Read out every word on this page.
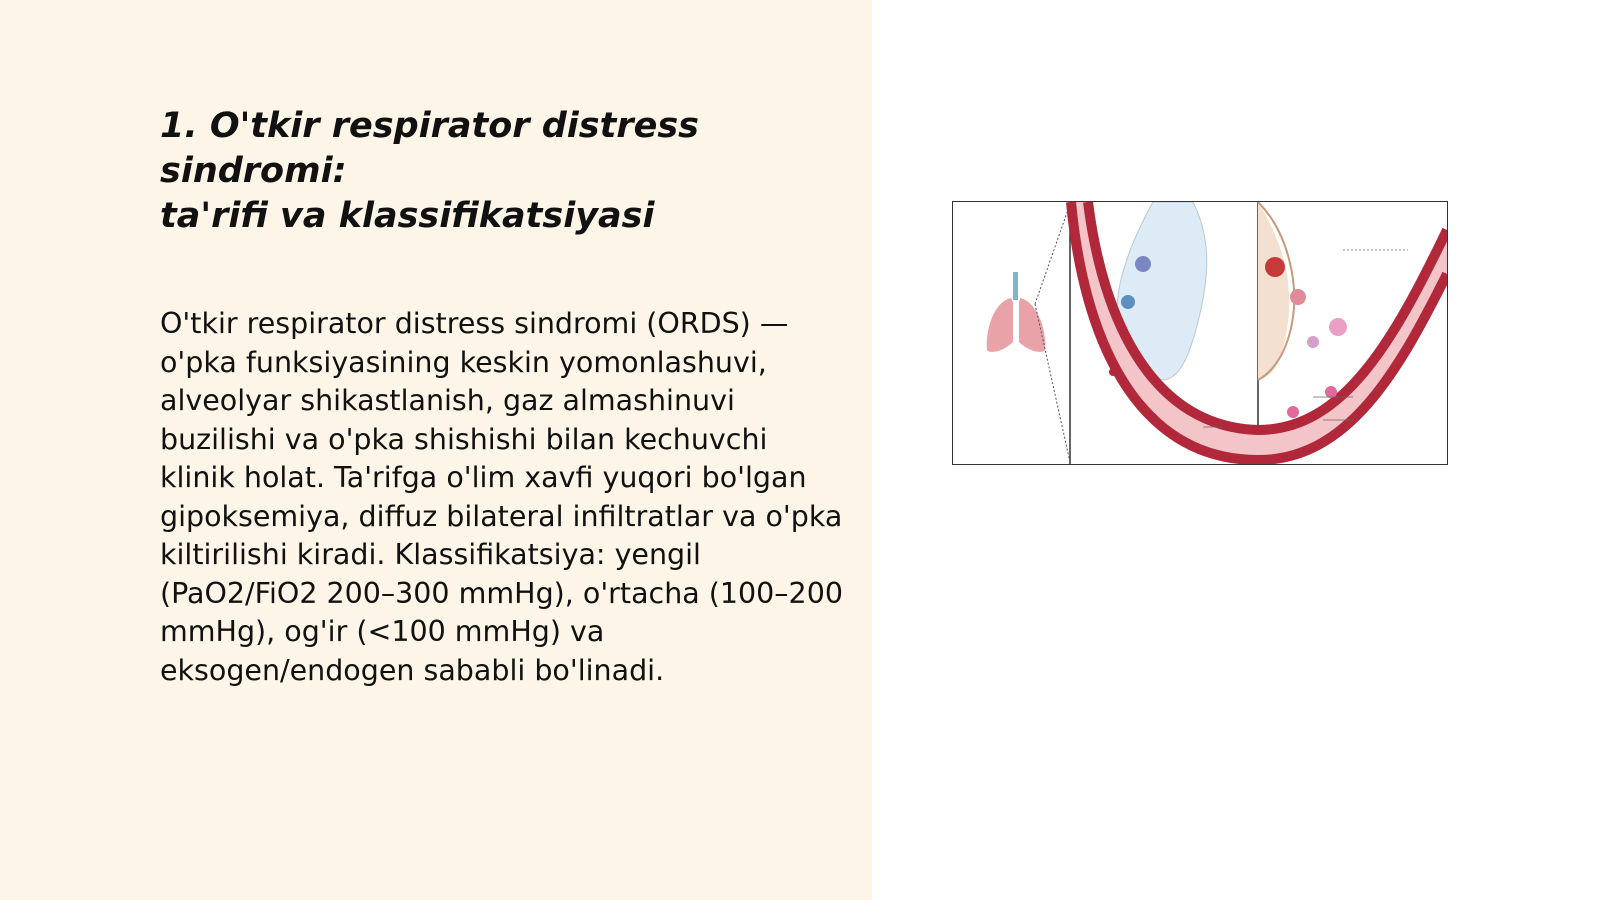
1. O'tkir respirator distress sindromi:
ta'rifi va klassifikatsiyasi

O'tkir respirator distress sindromi (ORDS) — o'pka funksiyasining keskin yomonlashuvi, alveolyar shikastlanish, gaz almashinuvi buzilishi va o'pka shishishi bilan kechuvchi klinik holat. Ta'rifga o'lim xavfi yuqori bo'lgan gipoksemiya, diffuz bilateral infiltratlar va o'pka kiltirilishi kiradi. Klassifikatsiya: yengil (PaO2/FiO2 200–300 mmHg), o'rtacha (100–200 mmHg), og'ir (<100 mmHg) va eksogen/endogen sababli bo'linadi.
